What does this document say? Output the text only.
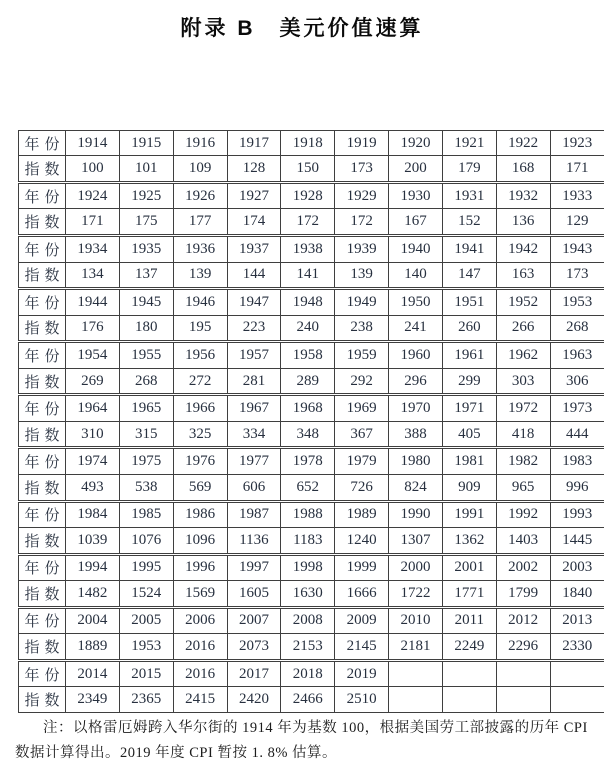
附录 B　美元价值速算
年份	1914	1915	1916	1917	1918	1919	1920	1921	1922	1923
指数	100	101	109	128	150	173	200	179	168	171
年份	1924	1925	1926	1927	1928	1929	1930	1931	1932	1933
指数	171	175	177	174	172	172	167	152	136	129
年份	1934	1935	1936	1937	1938	1939	1940	1941	1942	1943
指数	134	137	139	144	141	139	140	147	163	173
年份	1944	1945	1946	1947	1948	1949	1950	1951	1952	1953
指数	176	180	195	223	240	238	241	260	266	268
年份	1954	1955	1956	1957	1958	1959	1960	1961	1962	1963
指数	269	268	272	281	289	292	296	299	303	306
年份	1964	1965	1966	1967	1968	1969	1970	1971	1972	1973
指数	310	315	325	334	348	367	388	405	418	444
年份	1974	1975	1976	1977	1978	1979	1980	1981	1982	1983
指数	493	538	569	606	652	726	824	909	965	996
年份	1984	1985	1986	1987	1988	1989	1990	1991	1992	1993
指数	1039	1076	1096	1136	1183	1240	1307	1362	1403	1445
年份	1994	1995	1996	1997	1998	1999	2000	2001	2002	2003
指数	1482	1524	1569	1605	1630	1666	1722	1771	1799	1840
年份	2004	2005	2006	2007	2008	2009	2010	2011	2012	2013
指数	1889	1953	2016	2073	2153	2145	2181	2249	2296	2330
年份	2014	2015	2016	2017	2018	2019				
指数	2349	2365	2415	2420	2466	2510				
注：以格雷厄姆跨入华尔街的 1914 年为基数 100，根据美国劳工部披露的历年 CPI
数据计算得出。2019 年度 CPI 暂按 1. 8% 估算。
